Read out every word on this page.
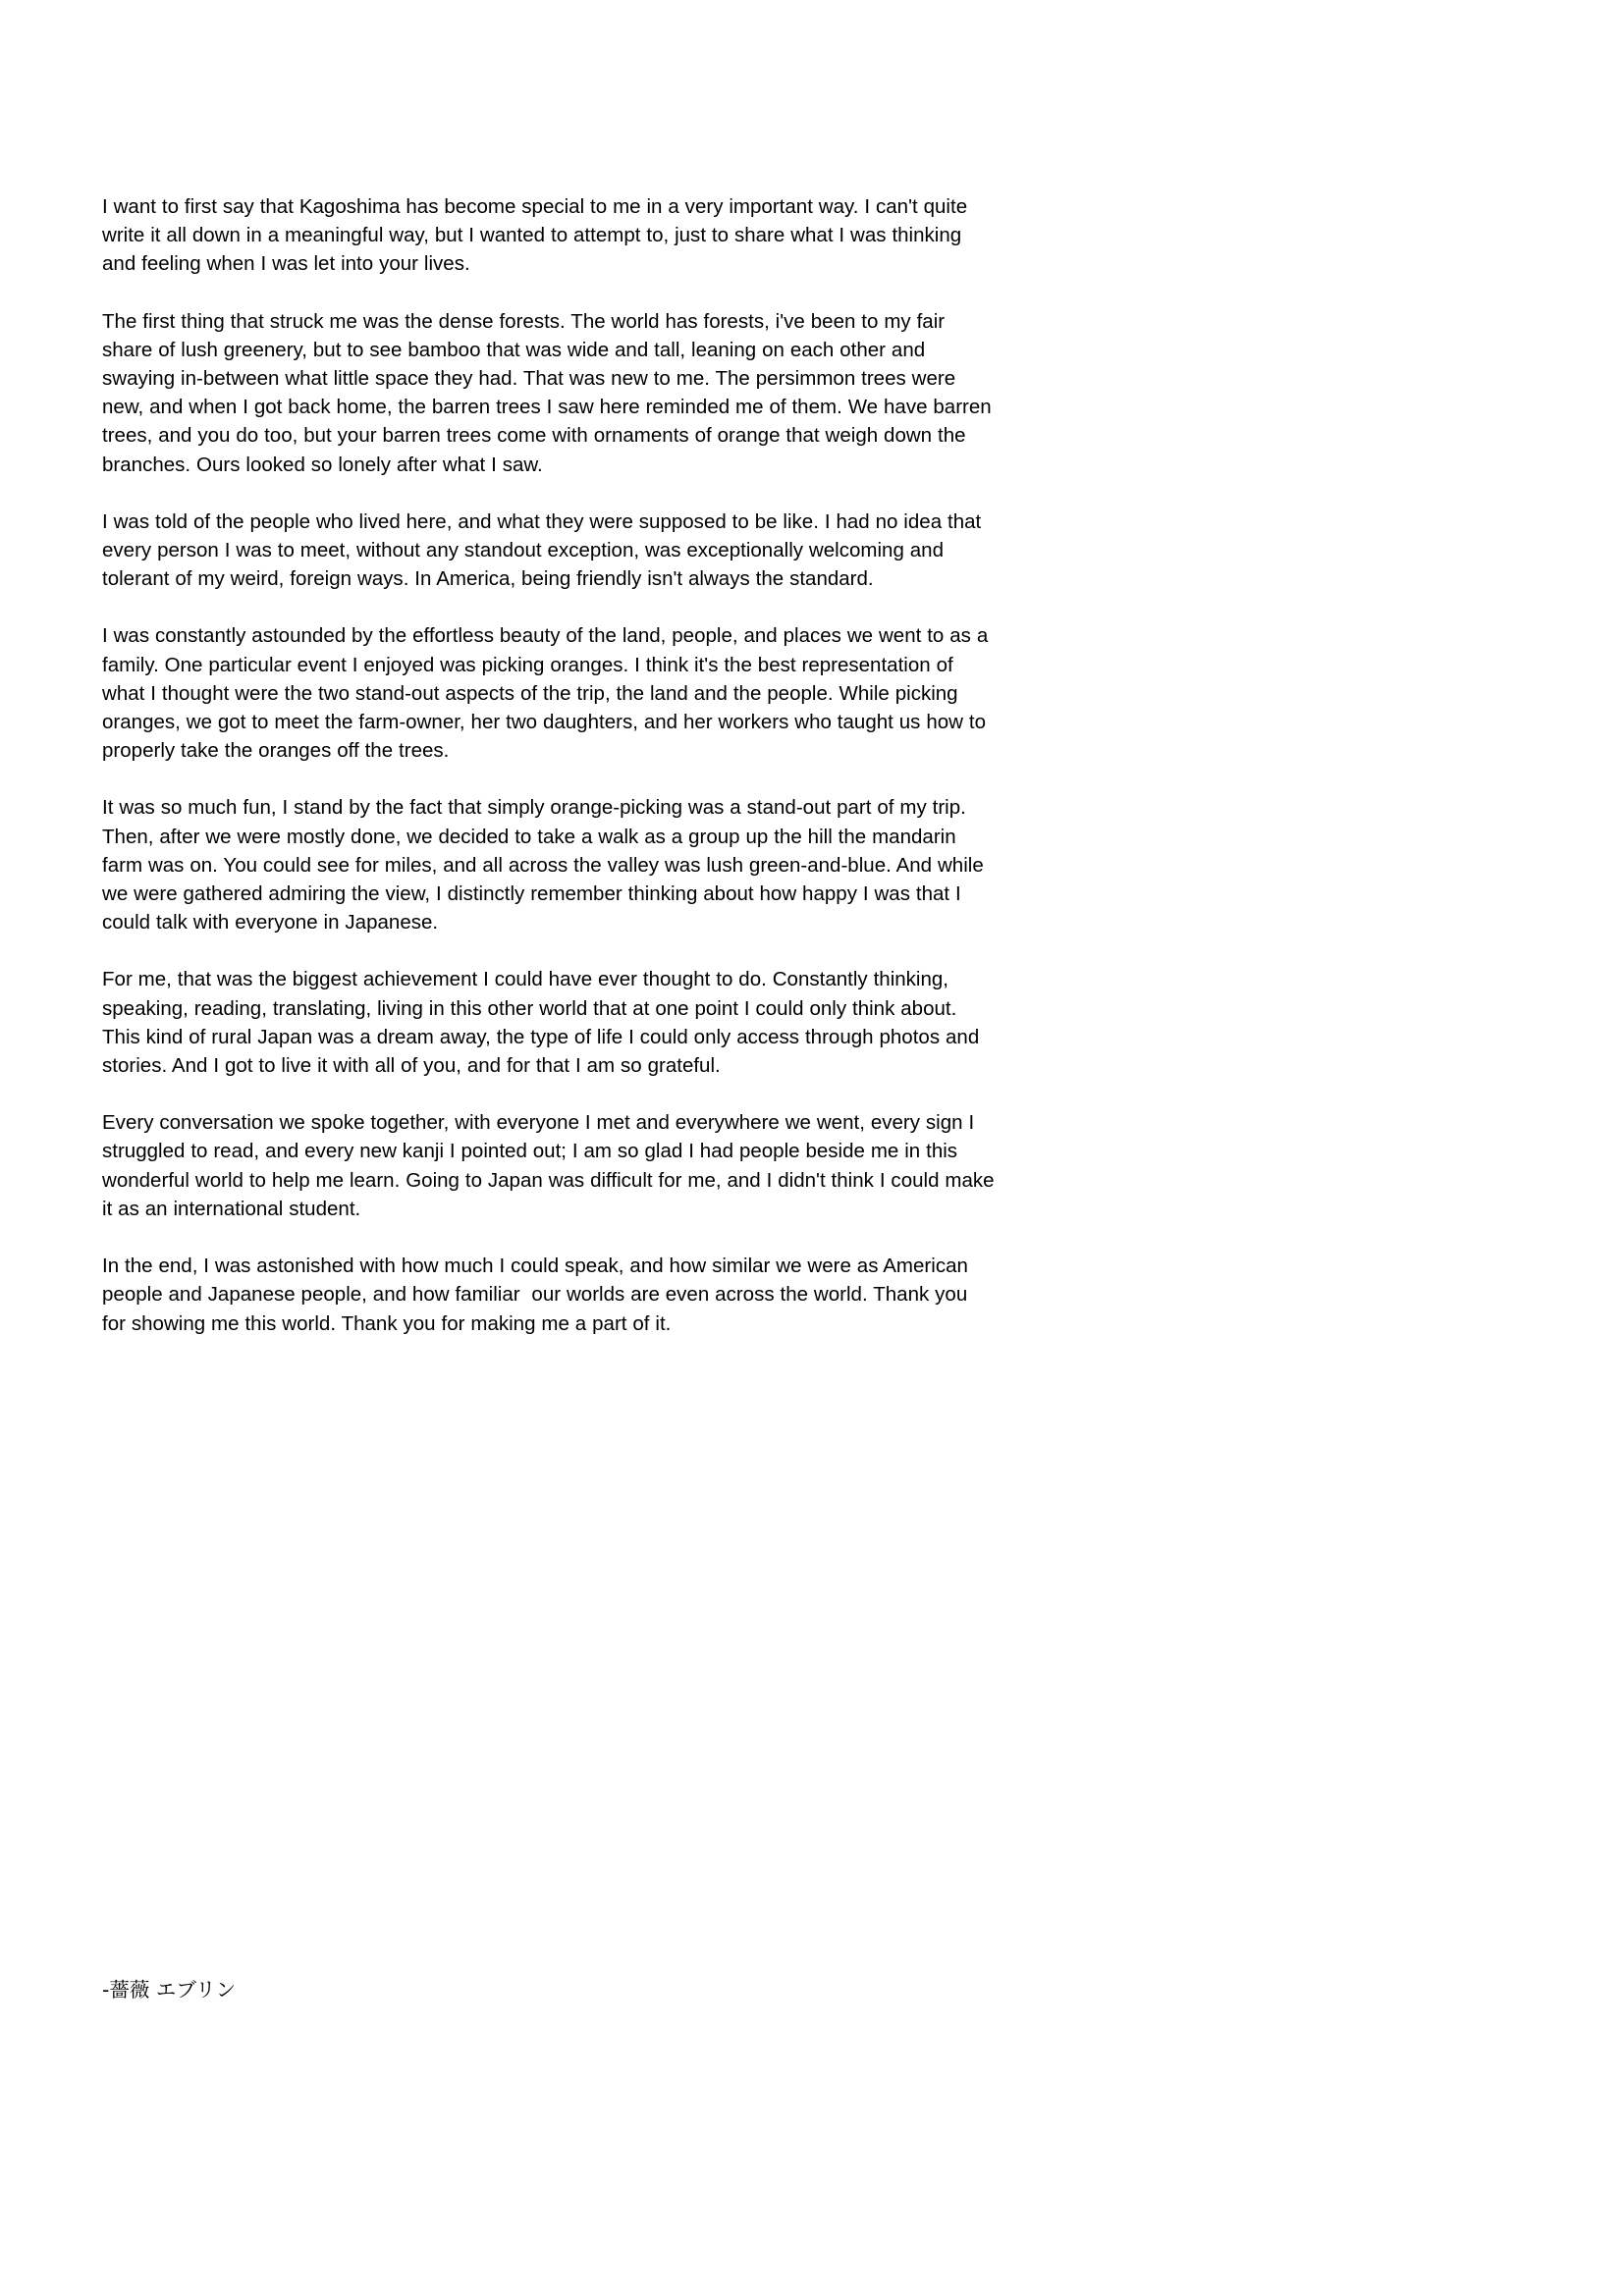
I want to first say that Kagoshima has become special to me in a very important way. I can't quite write it all down in a meaningful way, but I wanted to attempt to, just to share what I was thinking and feeling when I was let into your lives.

The first thing that struck me was the dense forests. The world has forests, i've been to my fair share of lush greenery, but to see bamboo that was wide and tall, leaning on each other and swaying in-between what little space they had. That was new to me. The persimmon trees were new, and when I got back home, the barren trees I saw here reminded me of them. We have barren trees, and you do too, but your barren trees come with ornaments of orange that weigh down the branches. Ours looked so lonely after what I saw.

I was told of the people who lived here, and what they were supposed to be like. I had no idea that every person I was to meet, without any standout exception, was exceptionally welcoming and tolerant of my weird, foreign ways. In America, being friendly isn't always the standard.

I was constantly astounded by the effortless beauty of the land, people, and places we went to as a family. One particular event I enjoyed was picking oranges. I think it's the best representation of what I thought were the two stand-out aspects of the trip, the land and the people. While picking oranges, we got to meet the farm-owner, her two daughters, and her workers who taught us how to properly take the oranges off the trees.

It was so much fun, I stand by the fact that simply orange-picking was a stand-out part of my trip. Then, after we were mostly done, we decided to take a walk as a group up the hill the mandarin farm was on. You could see for miles, and all across the valley was lush green-and-blue. And while we were gathered admiring the view, I distinctly remember thinking about how happy I was that I could talk with everyone in Japanese.

For me, that was the biggest achievement I could have ever thought to do. Constantly thinking, speaking, reading, translating, living in this other world that at one point I could only think about. This kind of rural Japan was a dream away, the type of life I could only access through photos and stories. And I got to live it with all of you, and for that I am so grateful.

Every conversation we spoke together, with everyone I met and everywhere we went, every sign I struggled to read, and every new kanji I pointed out; I am so glad I had people beside me in this wonderful world to help me learn. Going to Japan was difficult for me, and I didn't think I could make it as an international student.

In the end, I was astonished with how much I could speak, and how similar we were as American people and Japanese people, and how familiar  our worlds are even across the world. Thank you for showing me this world. Thank you for making me a part of it.

-薔薇 エブリン
